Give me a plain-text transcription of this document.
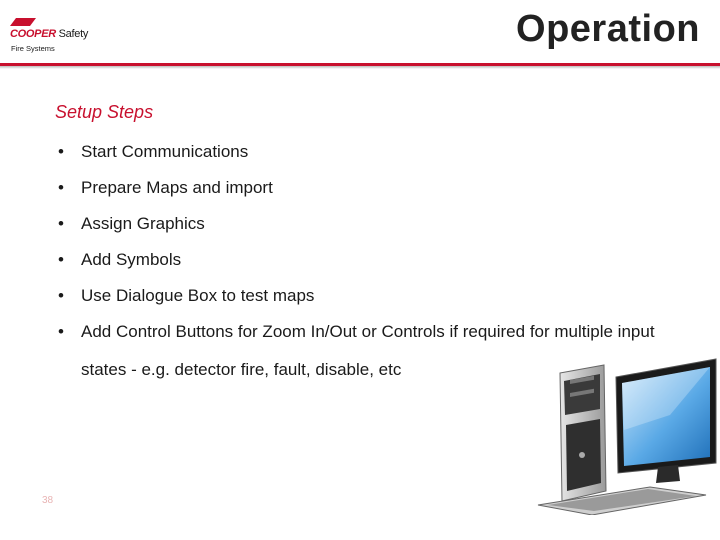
COOPER Safety
Fire Systems	Operation
Setup Steps
• Start Communications
• Prepare Maps and import
• Assign Graphics
• Add Symbols
• Use Dialogue Box to test maps
• Add Control Buttons for Zoom In/Out or Controls if required for multiple input states - e.g. detector fire, fault, disable, etc
38
